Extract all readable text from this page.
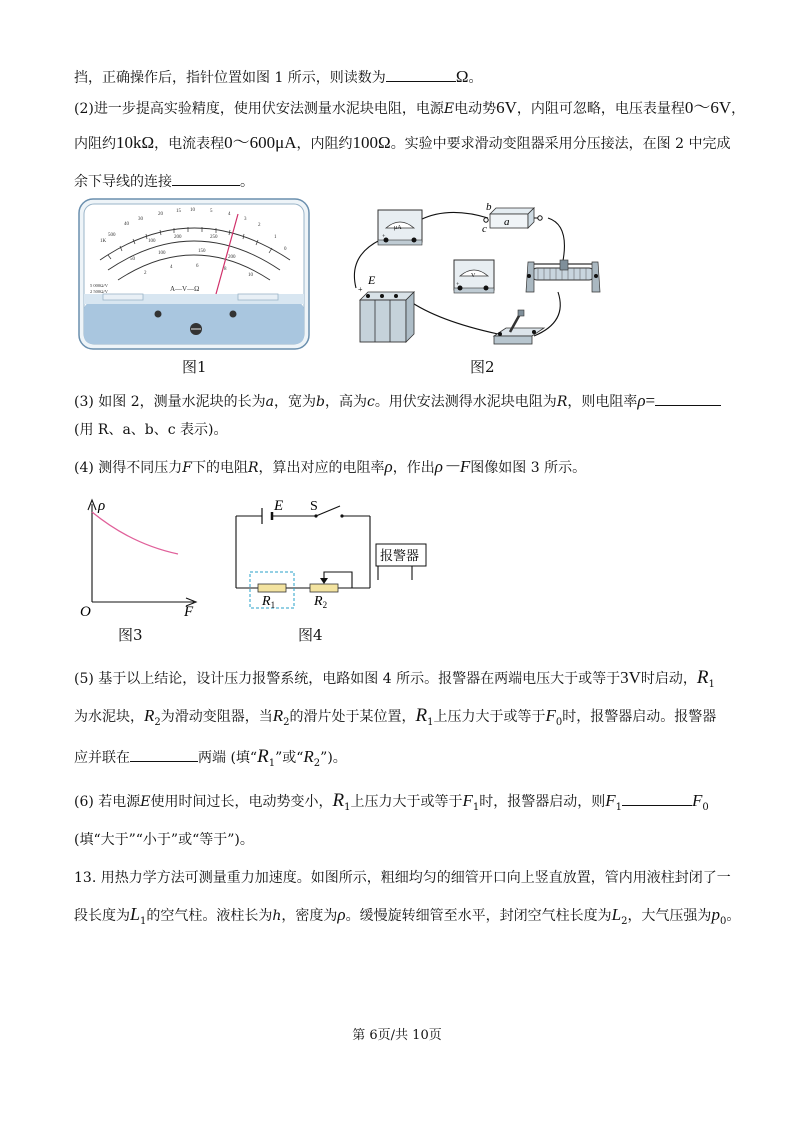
挡，正确操作后，指针位置如图 1 所示，则读数为	Ω。
(2)进一步提高实验精度，使用伏安法测量水泥块电阻，电源E电动势6V，内阻可忽略，电压表量程0～6V，
内阻约10kΩ，电流表程0～600μA，内阻约100Ω。实验中要求滑动变阻器采用分压接法，在图 2 中完成
余下导线的连接	。
40
30
20
15 10	5
4
3
2
1K
500	1
0
100
200	250
50
100	150
200
2
4	6
8
10
A—V—Ω
5 000Ω/V
2 500Ω/V
图1
μA
+
V
+
a
b
c
E
+
图2
(3) 如图 2，测量水泥块的长为a，宽为b，高为c。用伏安法测得水泥块电阻为R，则电阻率ρ=
(用 R、a、b、c 表示)。
(4) 测得不同压力F下的电阻R，算出对应的电阻率ρ，作出ρ－F图像如图 3 所示。
ρ
F
O
图3
E S
$R_1$	$R_2$
报警器
图4
(5) 基于以上结论，设计压力报警系统，电路如图 4 所示。报警器在两端电压大于或等于3V时启动，$R_1$
为水泥块，$R_2$为滑动变阻器，当$R_2$的滑片处于某位置，$R_1$上压力大于或等于$F_0$时，报警器启动。报警器
应并联在	两端 (填“$R_1$”或“$R_2$”)。
(6) 若电源E使用时间过长，电动势变小，$R_1$上压力大于或等于$F_1$时，报警器启动，则$F_1$	$F_0$
(填“大于”“小于”或“等于”)。
13. 用热力学方法可测量重力加速度。如图所示，粗细均匀的细管开口向上竖直放置，管内用液柱封闭了一
段长度为$L_1$的空气柱。液柱长为h，密度为ρ。缓慢旋转细管至水平，封闭空气柱长度为$L_2$，大气压强为$p_0$。
第 6页/共 10页
